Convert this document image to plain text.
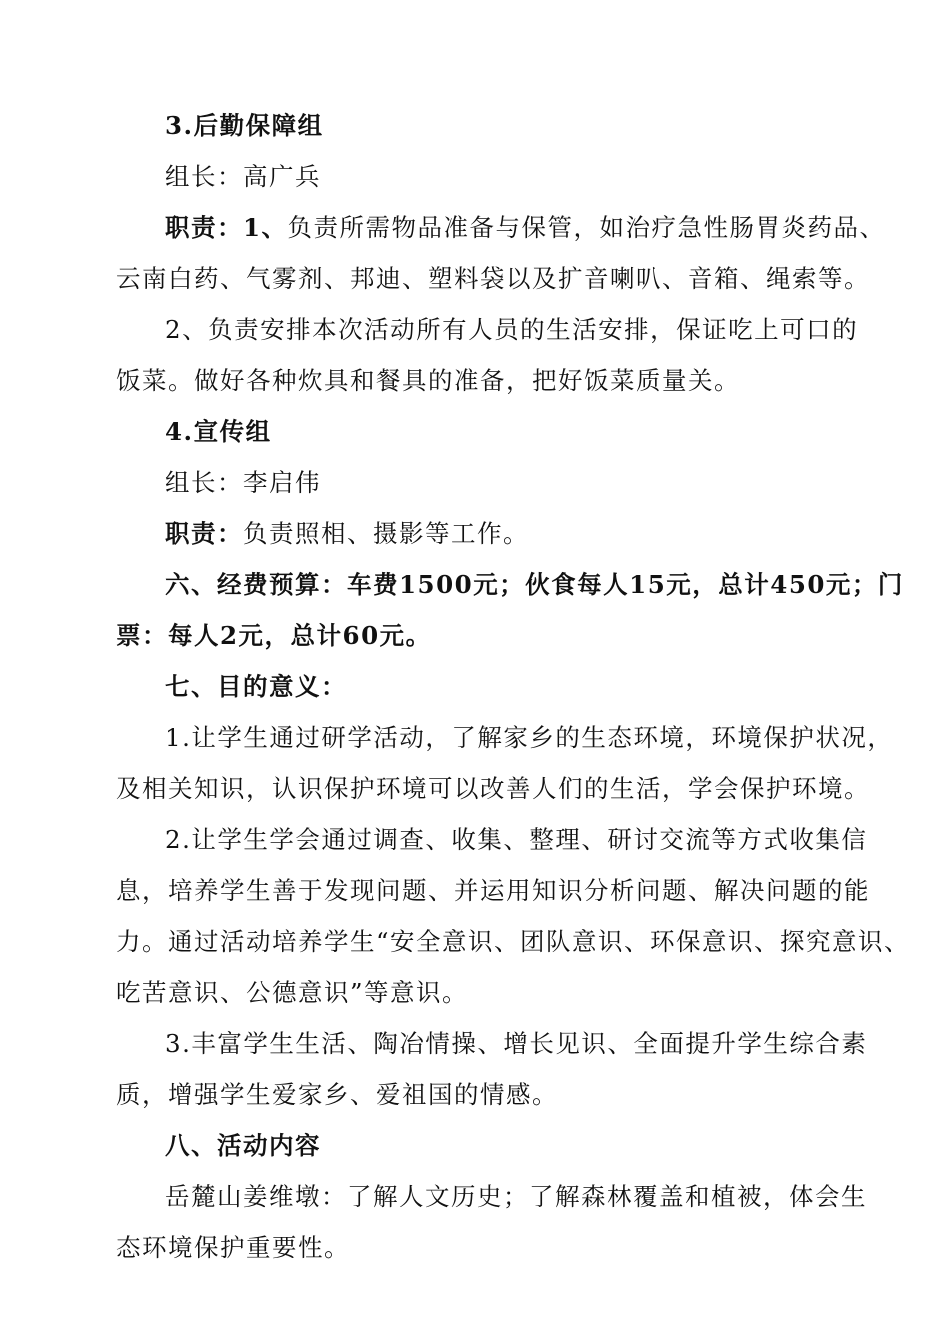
3.后勤保障组

组长：高广兵

职责：1、负责所需物品准备与保管，如治疗急性肠胃炎药品、

云南白药、气雾剂、邦迪、塑料袋以及扩音喇叭、音箱、绳索等。

2、负责安排本次活动所有人员的生活安排，保证吃上可口的

饭菜。做好各种炊具和餐具的准备，把好饭菜质量关。

4.宣传组

组长：李启伟

职责：负责照相、摄影等工作。

六、经费预算：车费1500元；伙食每人15元，总计450元；门

票：每人2元，总计60元。

七、目的意义：

1.让学生通过研学活动，了解家乡的生态环境，环境保护状况，

及相关知识，认识保护环境可以改善人们的生活，学会保护环境。

2.让学生学会通过调查、收集、整理、研讨交流等方式收集信

息，培养学生善于发现问题、并运用知识分析问题、解决问题的能

力。通过活动培养学生“安全意识、团队意识、环保意识、探究意识、

吃苦意识、公德意识”等意识。

3.丰富学生生活、陶冶情操、增长见识、全面提升学生综合素

质，增强学生爱家乡、爱祖国的情感。

八、活动内容

岳麓山姜维墩：了解人文历史；了解森林覆盖和植被，体会生

态环境保护重要性。
